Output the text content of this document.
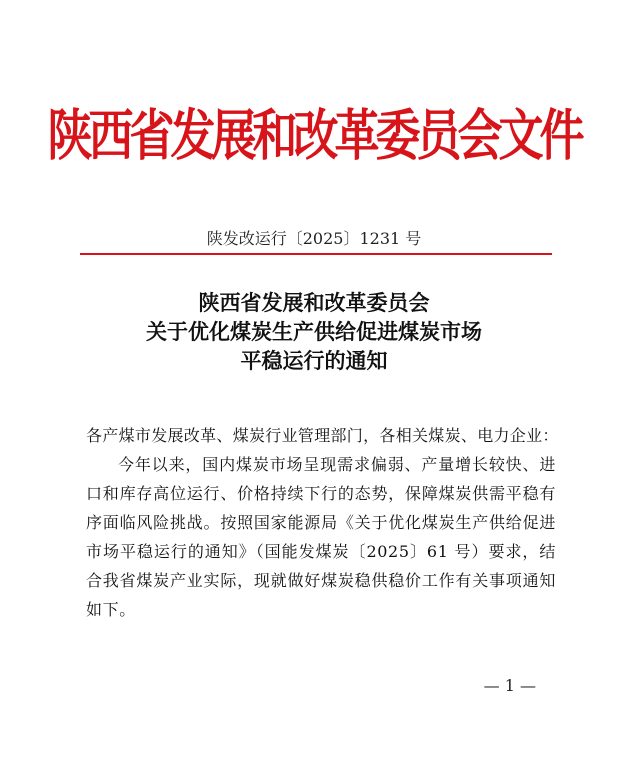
陕西省发展和改革委员会文件
陕发改运行〔2025〕1231 号
陕西省发展和改革委员会
关于优化煤炭生产供给促进煤炭市场
平稳运行的通知
各产煤市发展改革、煤炭行业管理部门，各相关煤炭、电力企业：
今年以来，国内煤炭市场呈现需求偏弱、产量增长较快、进口和库存高位运行、价格持续下行的态势，保障煤炭供需平稳有序面临风险挑战。按照国家能源局《关于优化煤炭生产供给促进市场平稳运行的通知》（国能发煤炭〔2025〕61 号）要求，结合我省煤炭产业实际，现就做好煤炭稳供稳价工作有关事项通知如下。
— 1 —
